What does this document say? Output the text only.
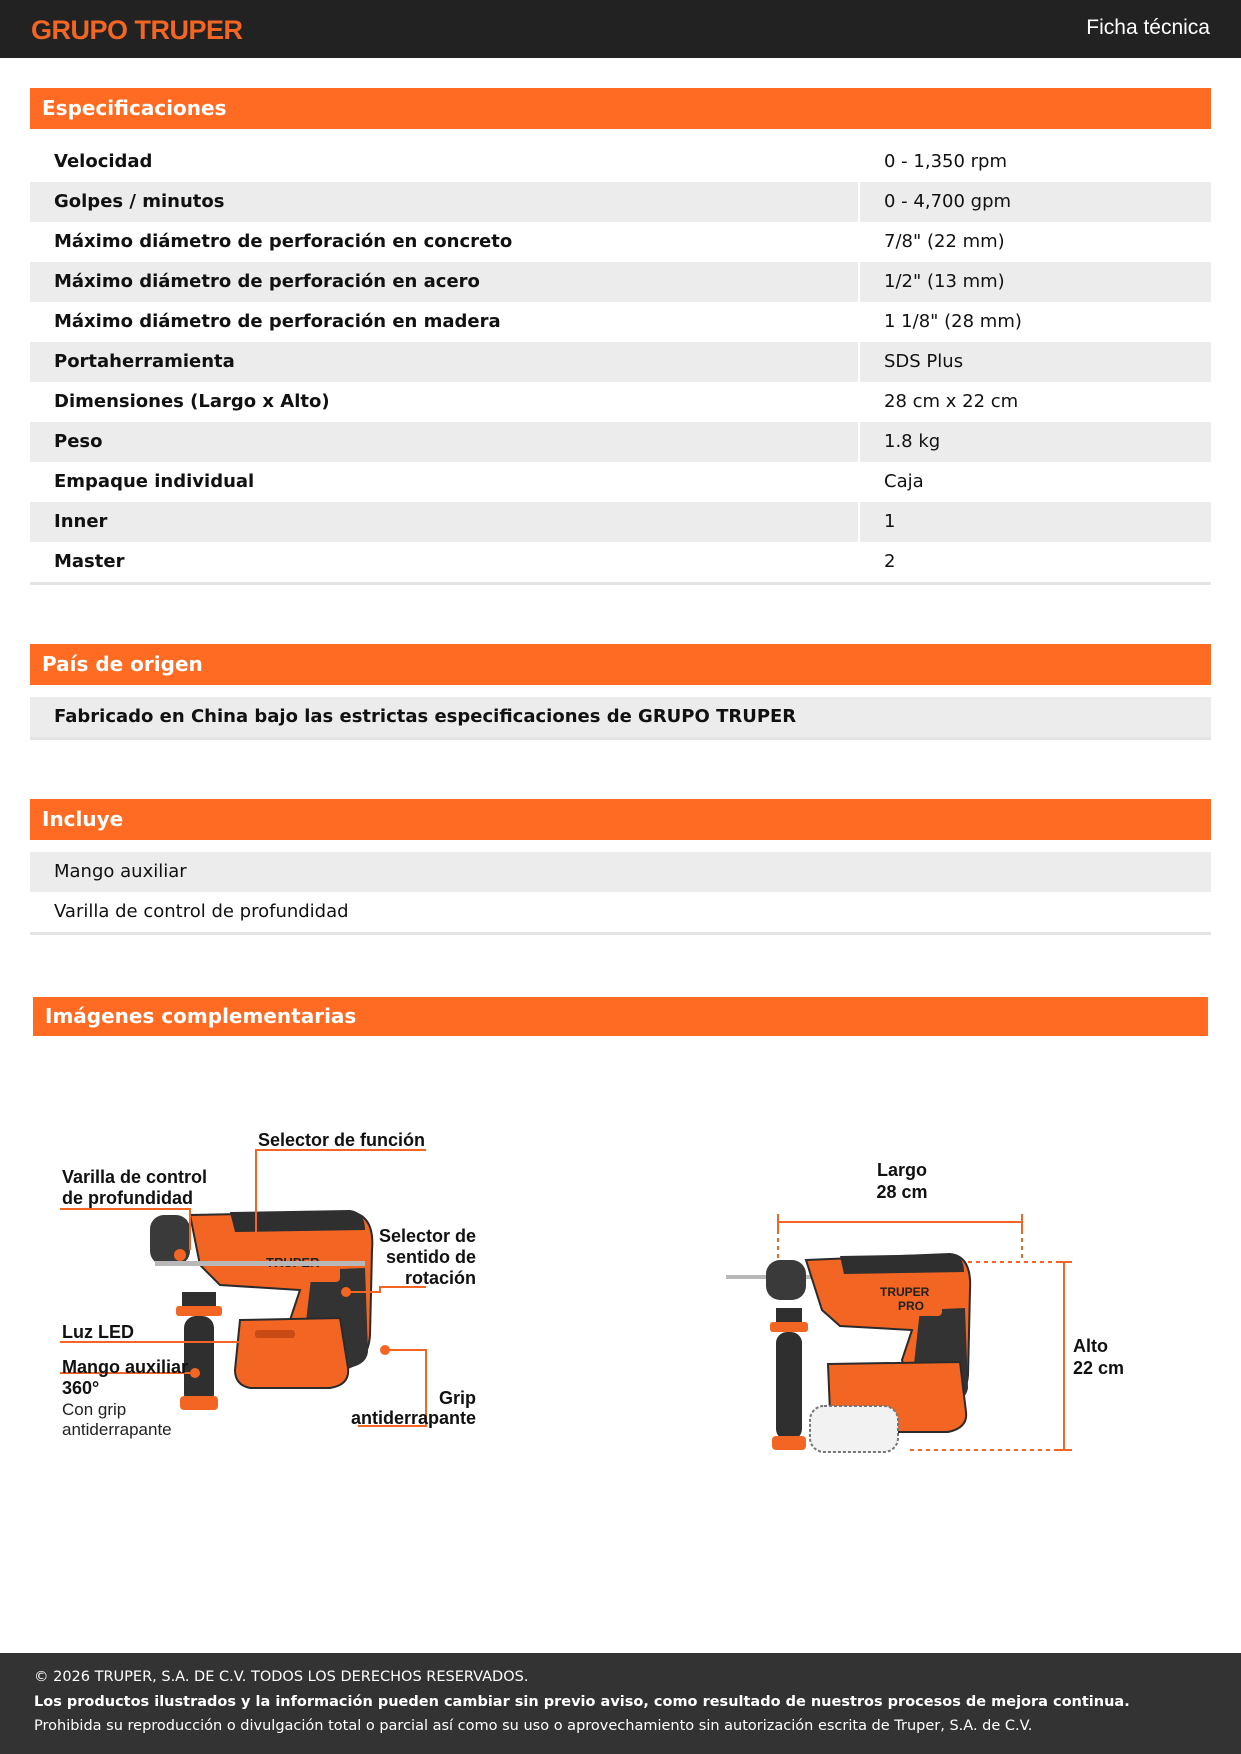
GRUPO TRUPER	Ficha técnica
Especificaciones
Velocidad	0 - 1,350 rpm
Golpes / minutos	0 - 4,700 gpm
Máximo diámetro de perforación en concreto	7/8" (22 mm)
Máximo diámetro de perforación en acero	1/2" (13 mm)
Máximo diámetro de perforación en madera	1 1/8" (28 mm)
Portaherramienta	SDS Plus
Dimensiones (Largo x Alto)	28 cm x 22 cm
Peso	1.8 kg
Empaque individual	Caja
Inner	1
Master	2
País de origen
Fabricado en China bajo las estrictas especificaciones de GRUPO TRUPER
Incluye
Mango auxiliar
Varilla de control de profundidad
Imágenes complementarias
Selector de función
Varilla de control
de profundidad
Selector de
sentido de
rotación
Luz LED
Mango auxiliar
360°
Con grip
antiderrapante
Grip
antiderrapante
TRUPER
PRO
Largo
28 cm
Alto
22 cm

© 2026 TRUPER, S.A. DE C.V. TODOS LOS DERECHOS RESERVADOS.

Los productos ilustrados y la información pueden cambiar sin previo aviso, como resultado de nuestros procesos de mejora continua.

Prohibida su reproducción o divulgación total o parcial así como su uso o aprovechamiento sin autorización escrita de Truper, S.A. de C.V.
